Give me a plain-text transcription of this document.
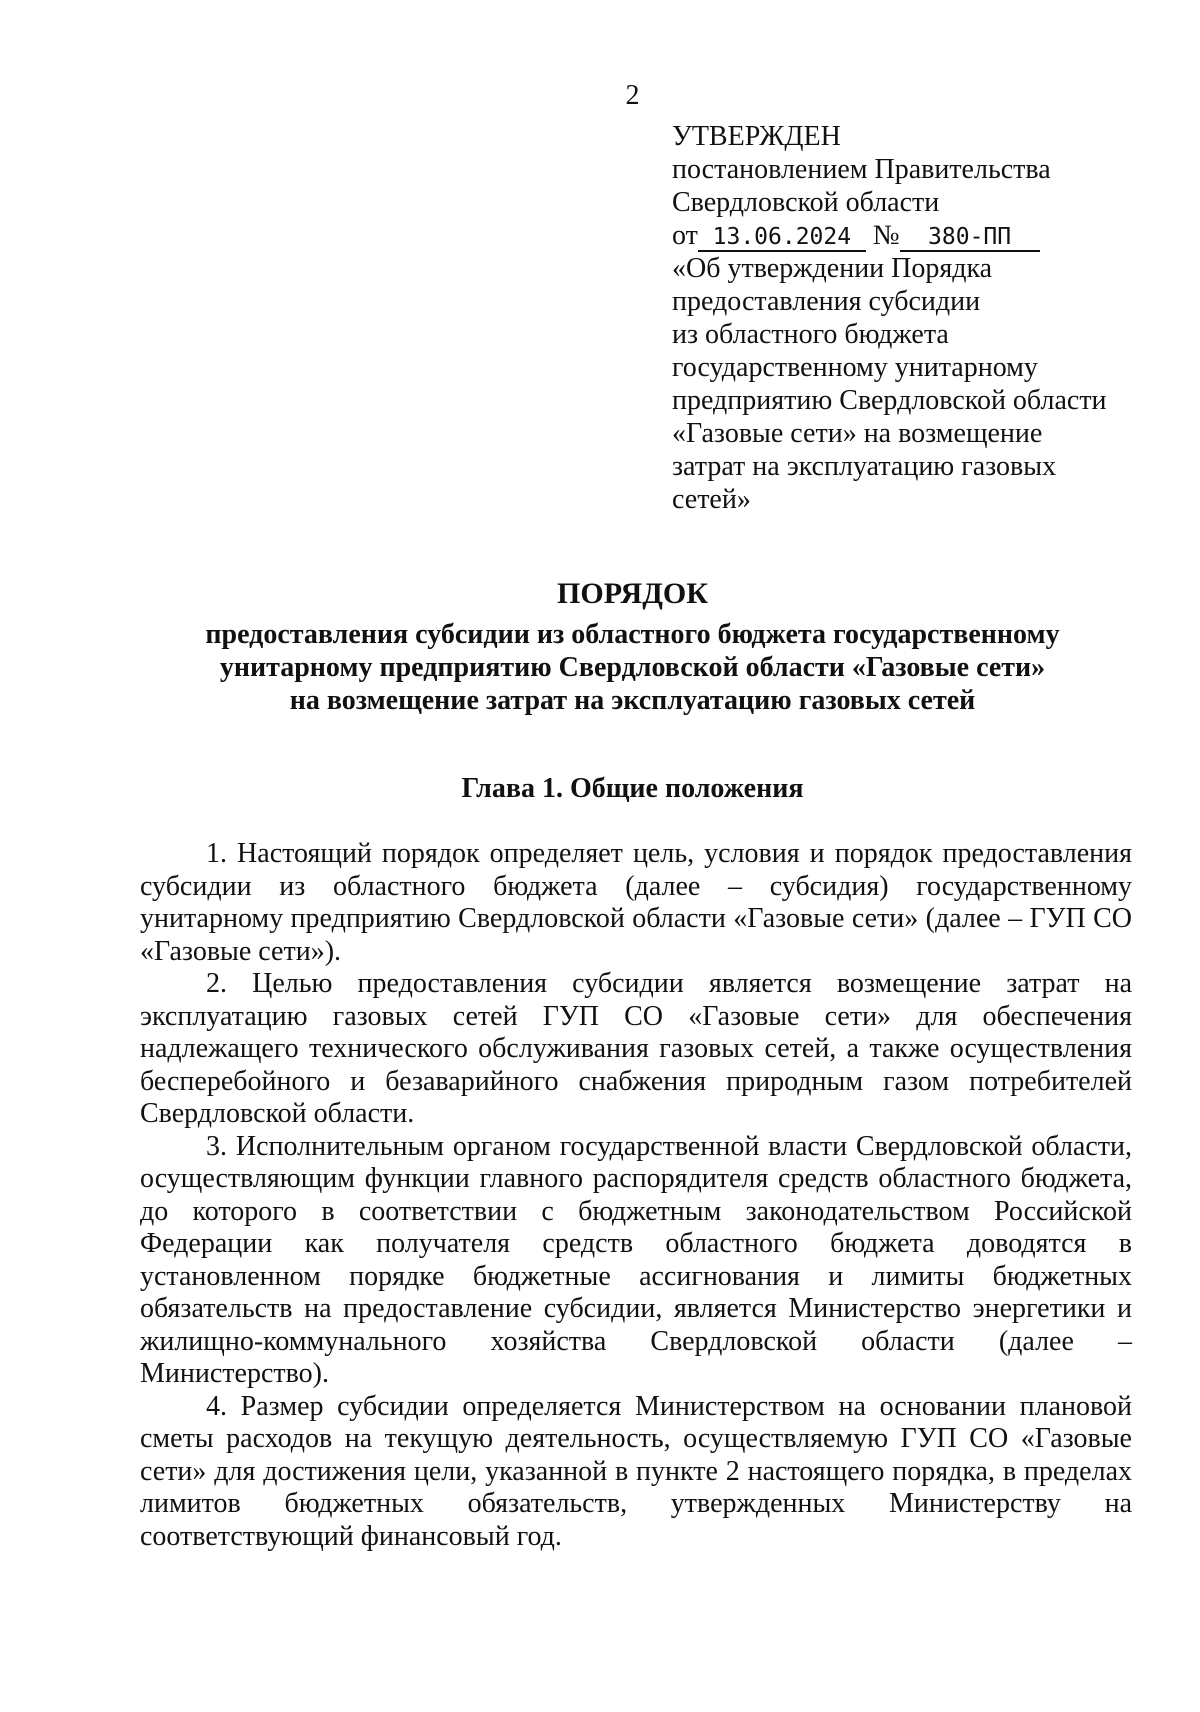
2
УТВЕРЖДЕН
постановлением Правительства
Свердловской области
от 13.06.2024 № 380-ПП
«Об утверждении Порядка
предоставления субсидии
из областного бюджета
государственному унитарному
предприятию Свердловской области
«Газовые сети» на возмещение
затрат на эксплуатацию газовых
сетей»
ПОРЯДОК
предоставления субсидии из областного бюджета государственному
унитарному предприятию Свердловской области «Газовые сети»
на возмещение затрат на эксплуатацию газовых сетей
Глава 1. Общие положения

1. Настоящий порядок определяет цель, условия и порядок предоставления субсидии из областного бюджета (далее – субсидия) государственному унитарному предприятию Свердловской области «Газовые сети» (далее – ГУП СО «Газовые сети»).

2. Целью предоставления субсидии является возмещение затрат на эксплуатацию газовых сетей ГУП СО «Газовые сети» для обеспечения надлежащего технического обслуживания газовых сетей, а также осуществления бесперебойного и безаварийного снабжения природным газом потребителей Свердловской области.

3. Исполнительным органом государственной власти Свердловской области, осуществляющим функции главного распорядителя средств областного бюджета, до которого в соответствии с бюджетным законодательством Российской Федерации как получателя средств областного бюджета доводятся в установленном порядке бюджетные ассигнования и лимиты бюджетных обязательств на предоставление субсидии, является Министерство энергетики и жилищно-коммунального хозяйства Свердловской области (далее – Министерство).

4. Размер субсидии определяется Министерством на основании плановой сметы расходов на текущую деятельность, осуществляемую ГУП СО «Газовые сети» для достижения цели, указанной в пункте 2 настоящего порядка, в пределах лимитов бюджетных обязательств, утвержденных Министерству на соответствующий финансовый год.
